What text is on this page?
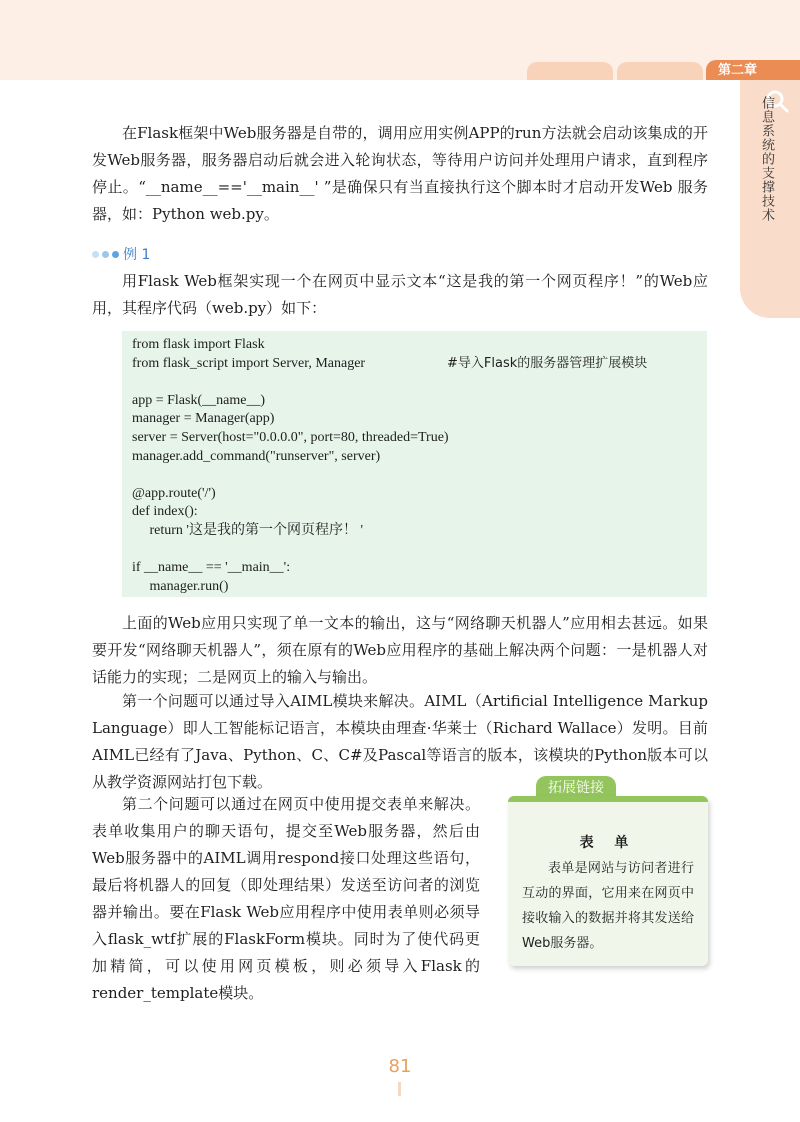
第二章
信息系统的支撑技术

在Flask框架中Web服务器是自带的，调用应用实例APP的run方法就会启动该集成的开发Web服务器，服务器启动后就会进入轮询状态，等待用户访问并处理用户请求，直到程序停止。“__name__=='__main__' ”是确保只有当直接执行这个脚本时才启动开发Web 服务器，如：Python web.py。

例 1

用Flask Web框架实现一个在网页中显示文本“这是我的第一个网页程序！”的Web应用，其程序代码（web.py）如下：

from flask import Flask
from flask_script import Server, Manager	#导入Flask的服务器管理扩展模块
app = Flask(__name__)
manager = Manager(app)
server = Server(host="0.0.0.0", port=80, threaded=True)
manager.add_command("runserver", server)
@app.route('/')
def index():
return '这是我的第一个网页程序！ '
if __name__ == '__main__':
manager.run()

上面的Web应用只实现了单一文本的输出，这与“网络聊天机器人”应用相去甚远。如果要开发“网络聊天机器人”，须在原有的Web应用程序的基础上解决两个问题：一是机器人对话能力的实现；二是网页上的输入与输出。

第一个问题可以通过导入AIML模块来解决。AIML（Artificial Intelligence Markup Language）即人工智能标记语言，本模块由理查·华莱士（Richard Wallace）发明。目前AIML已经有了Java、Python、C、C#及Pascal等语言的版本，该模块的Python版本可以从教学资源网站打包下载。

第二个问题可以通过在网页中使用提交表单来解决。表单收集用户的聊天语句，提交至Web服务器，然后由Web服务器中的AIML调用respond接口处理这些语句，最后将机器人的回复（即处理结果）发送至访问者的浏览器并输出。要在Flask Web应用程序中使用表单则必须导入flask_wtf扩展的FlaskForm模块。同时为了使代码更加精简，可以使用网页模板，则必须导入Flask的render_template模块。

拓展链接
表 单

表单是网站与访问者进行互动的界面，它用来在网页中接收输入的数据并将其发送给Web服务器。

81
